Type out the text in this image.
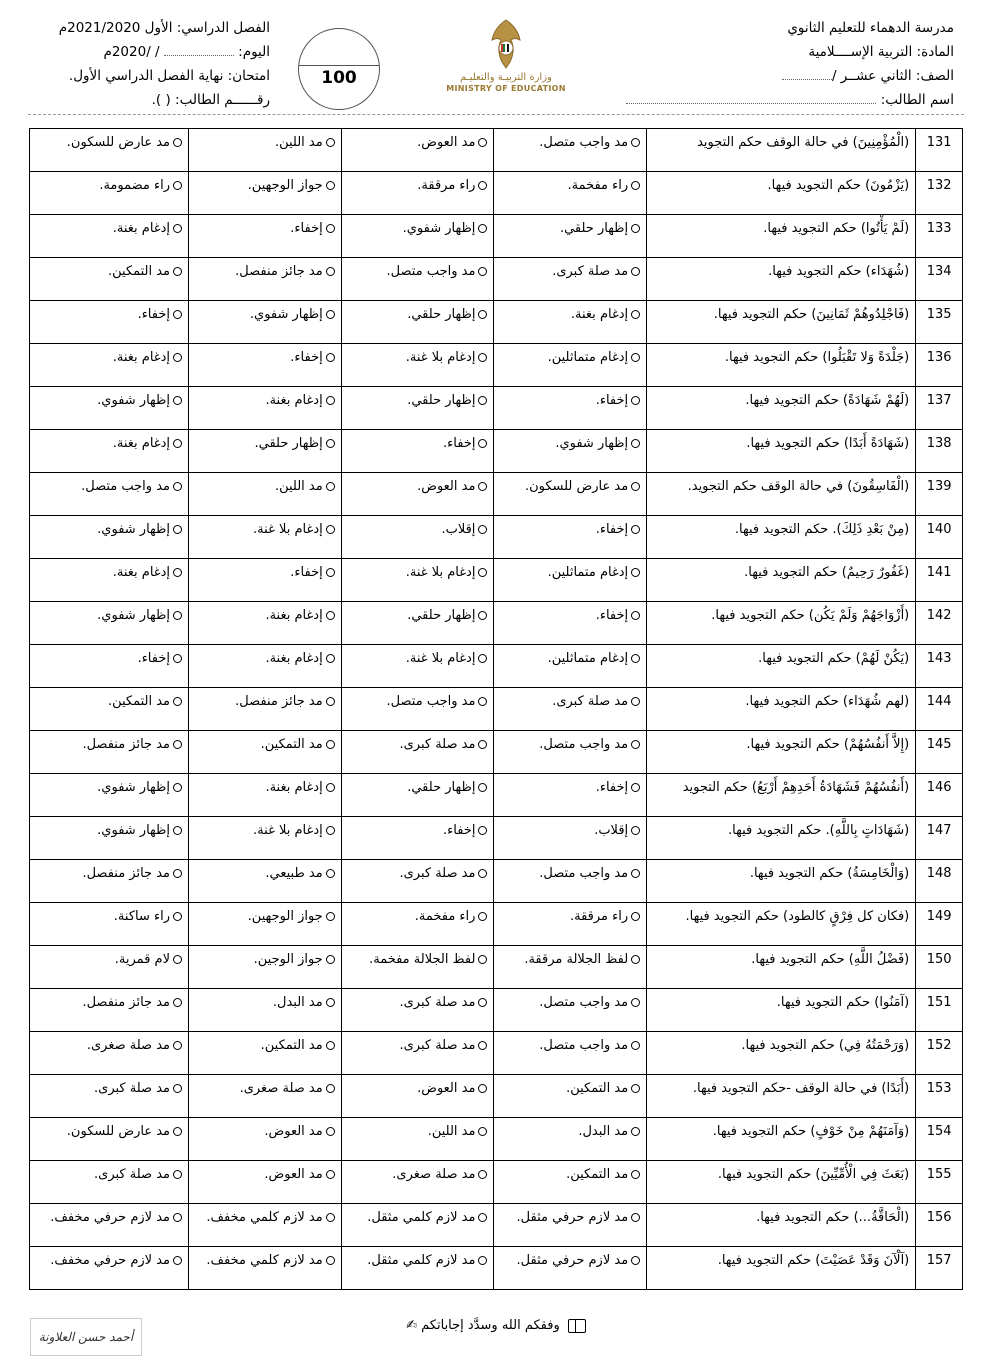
مدرسة الدهماء للتعليم الثانوي
المادة: التربية الإســــلامية
الصف: الثاني عشــر /
اسم الطالب:
وزارة التربيـة والتعليـم
MINISTRY OF EDUCATION
100
الفصل الدراسي: الأول 2021/2020م
اليوم:  / /2020م
امتحان: نهاية الفصل الدراسي الأول.
رقــــــم الطالب: ( ).
131	(الْمُؤْمِنِينَ) في حالة الوقف حكم التجويد	مد واجب متصل.	مد العوض.	مد اللين.	مد عارض للسكون.
132	(يَزْمُونَ) حكم التجويد فيها.	راء مفخمة.	راء مرققة.	جواز الوجهين.	راء مضمومة.
133	(لَمْ يَأْتُوا) حكم التجويد فيها.	إظهار حلقي.	إظهار شفوي.	إخفاء.	إدغام بغنة.
134	(شُهَدَاء) حكم التجويد فيها.	مد صلة كبرى.	مد واجب متصل.	مد جائز منفصل.	مد التمكين.
135	(فَاجْلِدُوهُمْ ثَمَانِينَ) حكم التجويد فيها.	إدغام بغنة.	إظهار حلقي.	إظهار شفوي.	إخفاء.
136	(جَلْدَةً وَلا تَقْبَلُوا) حكم التجويد فيها.	إدغام متماثلين.	إدغام بلا غنة.	إخفاء.	إدغام بغنة.
137	(لَهُمْ شَهَادَةً) حكم التجويد فيها.	إخفاء.	إظهار حلقي.	إدغام بغنة.	إظهار شفوي.
138	(شَهَادَةً أَبَدًا) حكم التجويد فيها.	إظهار شفوي.	إخفاء.	إظهار حلقي.	إدغام بغنة.
139	(الْفَاسِقُونَ) في حالة الوقف حكم التجويد.	مد عارض للسكون.	مد العوض.	مد اللين.	مد واجب متصل.
140	(مِنْ بَعْدِ ذَلِكَ). حكم التجويد فيها.	إخفاء.	إقلاب.	إدغام بلا غنة.	إظهار شفوي.
141	(غَفُورٌ رَحِيمٌ) حكم التجويد فيها.	إدغام متماثلين.	إدغام بلا غنة.	إخفاء.	إدغام بغنة.
142	(أَزْوَاجَهُمْ وَلَمْ يَكُن) حكم التجويد فيها.	إخفاء.	إظهار حلقي.	إدغام بغنة.	إظهار شفوي.
143	(يَكُنْ لَهُمْ) حكم التجويد فيها.	إدغام متماثلين.	إدغام بلا غنة.	إدغام بغنة.	إخفاء.
144	(لهم شُهَدَاء) حكم التجويد فيها.	مد صلة كبرى.	مد واجب متصل.	مد جائز منفصل.	مد التمكين.
145	(إِلاَّ أَنفُسُهُمْ) حكم التجويد فيها.	مد واجب متصل.	مد صلة كبرى.	مد التمكين.	مد جائز منفصل.
146	(أَنفُسُهُمْ فَشَهَادَةُ أَحَدِهِمْ أَرْبَعُ) حكم التجويد	إخفاء.	إظهار حلقي.	إدغام بغنة.	إظهار شفوي.
147	(شَهَادَاتٍ بِاللَّهِ). حكم التجويد فيها.	إقلاب.	إخفاء.	إدغام بلا غنة.	إظهار شفوي.
148	(وَالْخَامِسَةُ) حكم التجويد فيها.	مد واجب متصل.	مد صلة كبرى.	مد طبيعي.	مد جائز منفصل.
149	(فكان كل فِرْقٍ كالطود) حكم التجويد فيها.	راء مرققة.	راء مفخمة.	جواز الوجهين.	راء ساكنة.
150	(فَضْلُ اللَّهِ) حكم التجويد فيها.	لفظ الجلالة مرققة.	لفظ الجلالة مفخمة.	جواز الوجين.	لام قمرية.
151	(آمَنُوا) حكم التجويد فيها.	مد واجب متصل.	مد صلة كبرى.	مد البدل.	مد جائز منفصل.
152	(وَرَحْمَتُهُ فِي) حكم التجويد فيها.	مد واجب متصل.	مد صلة كبرى.	مد التمكين.	مد صلة صغرى.
153	(أَبَدًا) في حالة الوقف -حكم التجويد فيها.	مد التمكين.	مد العوض.	مد صلة صغرى.	مد صلة كبرى.
154	(وَآمَنَهُمْ مِنْ خَوْفٍ) حكم التجويد فيها.	مد البدل.	مد اللين.	مد العوض.	مد عارض للسكون.
155	(بَعَثَ فِي الْأُمِّيِّينَ) حكم التجويد فيها.	مد التمكين.	مد صلة صغرى.	مد العوض.	مد صلة كبرى.
156	(الْحَاقَّةُ...) حكم التجويد فيها.	مد لازم حرفي مثقل.	مد لازم كلمي مثقل.	مد لازم كلمي مخفف.	مد لازم حرفي مخفف.
157	(آلْآنَ وَقَدْ عَصَيْتَ) حكم التجويد فيها.	مد لازم حرفي مثقل.	مد لازم كلمي مثقل.	مد لازم كلمي مخفف.	مد لازم حرفي مخفف.
وفقكم الله وسدَّد إجاباتكم ✍
أحمد حسن العلاونة
